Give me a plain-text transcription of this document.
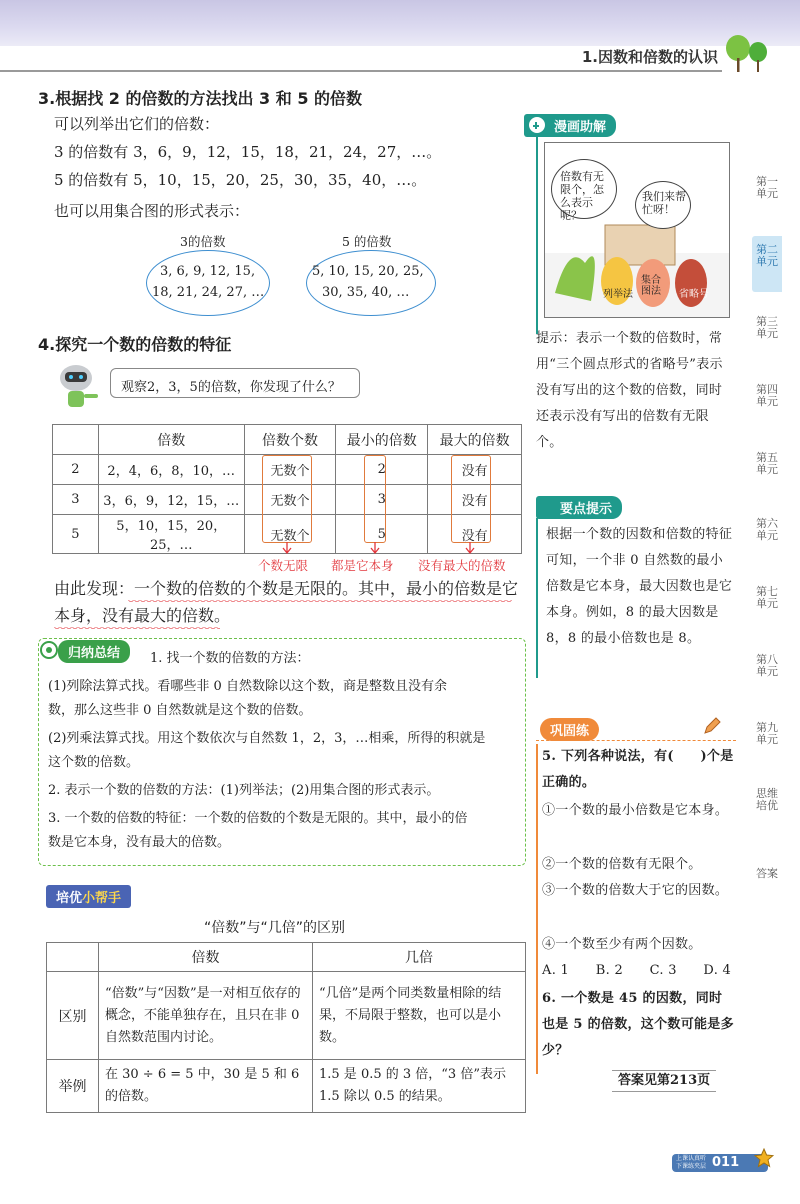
1.因数和倍数的认识
3.根据找 2 的倍数的方法找出 3 和 5 的倍数
可以列举出它们的倍数：
3 的倍数有 3，6，9，12，15，18，21，24，27，…。
5 的倍数有 5，10，15，20，25，30，35，40，…。
也可以用集合图的形式表示：
3的倍数
3, 6, 9, 12, 15,
18, 21, 24, 27, …
5 的倍数
5, 10, 15, 20, 25,
30, 35, 40, …
4.探究一个数的倍数的特征
观察2，3，5的倍数，你发现了什么？
	倍数	倍数个数	最小的倍数	最大的倍数
2	2，4，6，8，10，…	无数个	2	没有
3	3，6，9，12，15，…	无数个	3	没有
5	5，10，15，20，25，…	无数个	5	没有
个数无限 都是它本身 没有最大的倍数
由此发现：一个数的倍数的个数是无限的。其中，最小的倍数是它
本身，没有最大的倍数。
归纳总结	1. 找一个数的倍数的方法：
(1)列除法算式找。看哪些非 0 自然数除以这个数，商是整数且没有余
数，那么这些非 0 自然数就是这个数的倍数。
(2)列乘法算式找。用这个数依次与自然数 1，2，3，…相乘，所得的积就是
这个数的倍数。
2. 表示一个数的倍数的方法：(1)列举法；(2)用集合图的形式表示。
3. 一个数的倍数的特征：一个数的倍数的个数是无限的。其中，最小的倍
数是它本身，没有最大的倍数。
培优小帮手
“倍数”与“几倍”的区别
	倍数	几倍
区别	“倍数”与“因数”是一对相互依存的概念，不能单独存在，且只在非 0 自然数范围内讨论。	“几倍”是两个同类数量相除的结果，不局限于整数，也可以是小数。
举例	在 30 ÷ 6 = 5 中，30 是 5 和 6 的倍数。	1.5 是 0.5 的 3 倍，“3 倍”表示 1.5 除以 0.5 的结果。
漫画助解
倍数有无限个，怎么表示呢？
我们来帮忙呀！
列举法
集合图法	省略号
提示：表示一个数的倍数时，常用“三个圆点形式的省略号”表示没有写出的这个数的倍数，同时还表示没有写出的倍数有无限个。
要点提示
根据一个数的因数和倍数的特征可知，一个非 0 自然数的最小倍数是它本身，最大因数也是它本身。例如，8 的最大因数是 8，8 的最小倍数也是 8。
巩固练
5. 下列各种说法，有(　　)个是正确的。
①一个数的最小倍数是它本身。
②一个数的倍数有无限个。
③一个数的倍数大于它的因数。
④一个数至少有两个因数。
A. 1　　B. 2　　C. 3　　D. 4
6. 一个数是 45 的因数，同时也是 5 的倍数，这个数可能是多少？
答案见第213页
第一单元
第二单元
第三单元
第四单元
第五单元
第六单元
第七单元
第八单元
第九单元
思维培优
答案
上课认真听
下课练夹层 011
